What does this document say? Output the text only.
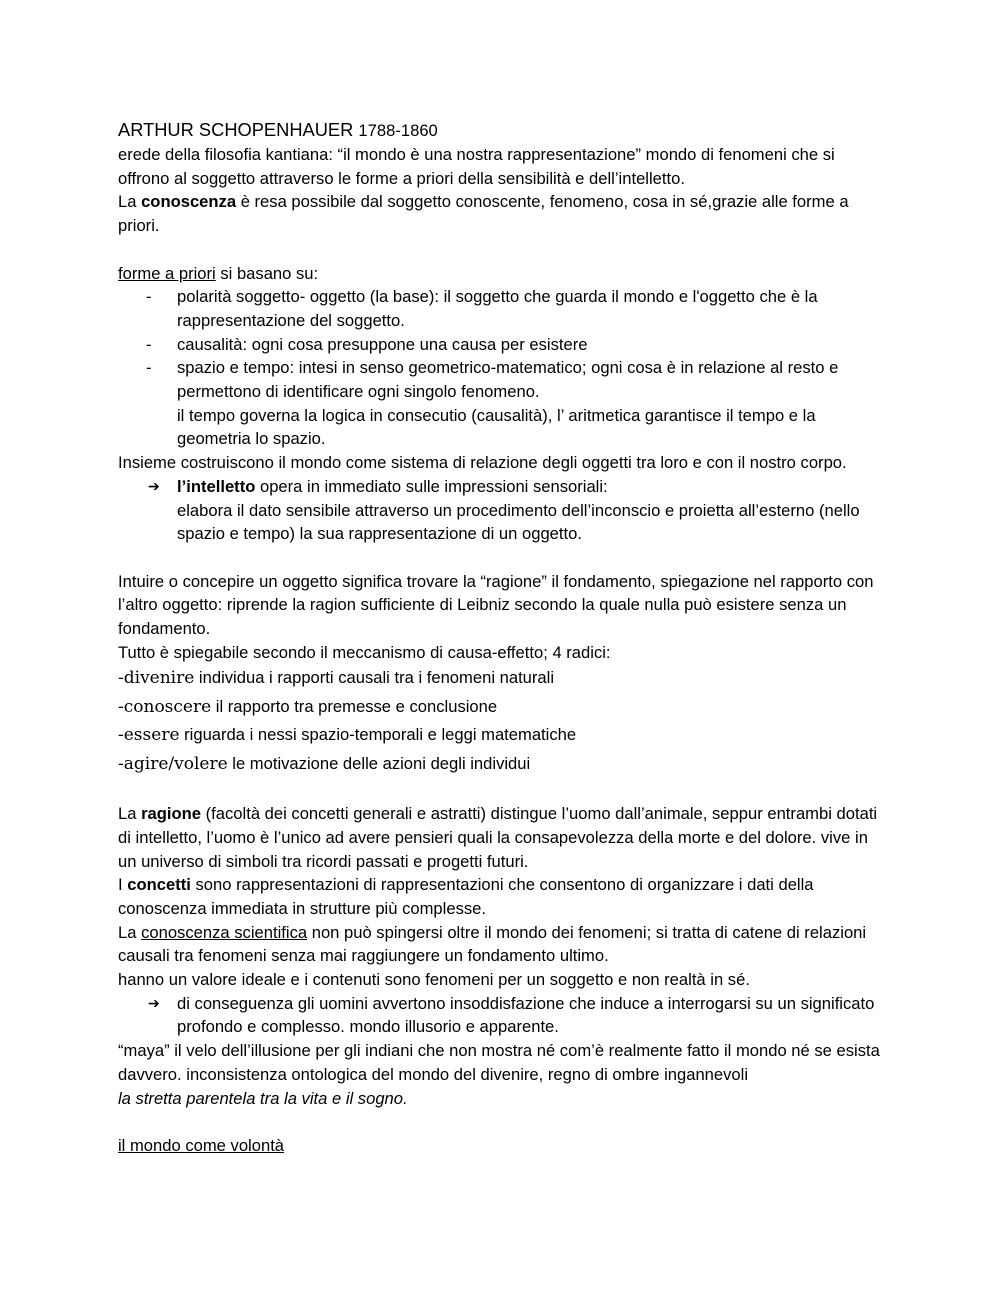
ARTHUR SCHOPENHAUER 1788-1860

erede della filosofia kantiana: “il mondo è una nostra rappresentazione” mondo di fenomeni che si offrono al soggetto attraverso le forme a priori della sensibilità e dell’intelletto.

La conoscenza è resa possibile dal soggetto conoscente, fenomeno, cosa in sé,grazie alle forme a priori.

forme a priori si basano su:

- polarità soggetto- oggetto (la base): il soggetto che guarda il mondo e l'oggetto che è la rappresentazione del soggetto.
- causalità: ogni cosa presuppone una causa per esistere
- spazio e tempo: intesi in senso geometrico-matematico; ogni cosa è in relazione al resto e permettono di identificare ogni singolo fenomeno.
il tempo governa la logica in consecutio (causalità), l’ aritmetica garantisce il tempo e la geometria lo spazio.

Insieme costruiscono il mondo come sistema di relazione degli oggetti tra loro e con il nostro corpo.

➔ l’intelletto opera in immediato sulle impressioni sensoriali:
elabora il dato sensibile attraverso un procedimento dell’inconscio e proietta all’esterno (nello spazio e tempo) la sua rappresentazione di un oggetto.

Intuire o concepire un oggetto significa trovare la “ragione” il fondamento, spiegazione nel rapporto con l’altro oggetto: riprende la ragion sufficiente di Leibniz secondo la quale nulla può esistere senza un fondamento.

Tutto è spiegabile secondo il meccanismo di causa-effetto; 4 radici:

-divenire individua i rapporti causali tra i fenomeni naturali

-conoscere il rapporto tra premesse e conclusione

-essere riguarda i nessi spazio-temporali e leggi matematiche

-agire/volere le motivazione delle azioni degli individui

La ragione (facoltà dei concetti generali e astratti) distingue l’uomo dall’animale, seppur entrambi dotati di intelletto, l’uomo è l’unico ad avere pensieri quali la consapevolezza della morte e del dolore. vive in un universo di simboli tra ricordi passati e progetti futuri.

I concetti sono rappresentazioni di rappresentazioni che consentono di organizzare i dati della conoscenza immediata in strutture più complesse.

La conoscenza scientifica non può spingersi oltre il mondo dei fenomeni; si tratta di catene di relazioni causali tra fenomeni senza mai raggiungere un fondamento ultimo.

hanno un valore ideale e i contenuti sono fenomeni per un soggetto e non realtà in sé.

➔ di conseguenza gli uomini avvertono insoddisfazione che induce a interrogarsi su un significato profondo e complesso. mondo illusorio e apparente.

“maya” il velo dell’illusione per gli indiani che non mostra né com’è realmente fatto il mondo né se esista davvero. inconsistenza ontologica del mondo del divenire, regno di ombre ingannevoli
la stretta parentela tra la vita e il sogno.

il mondo come volontà
